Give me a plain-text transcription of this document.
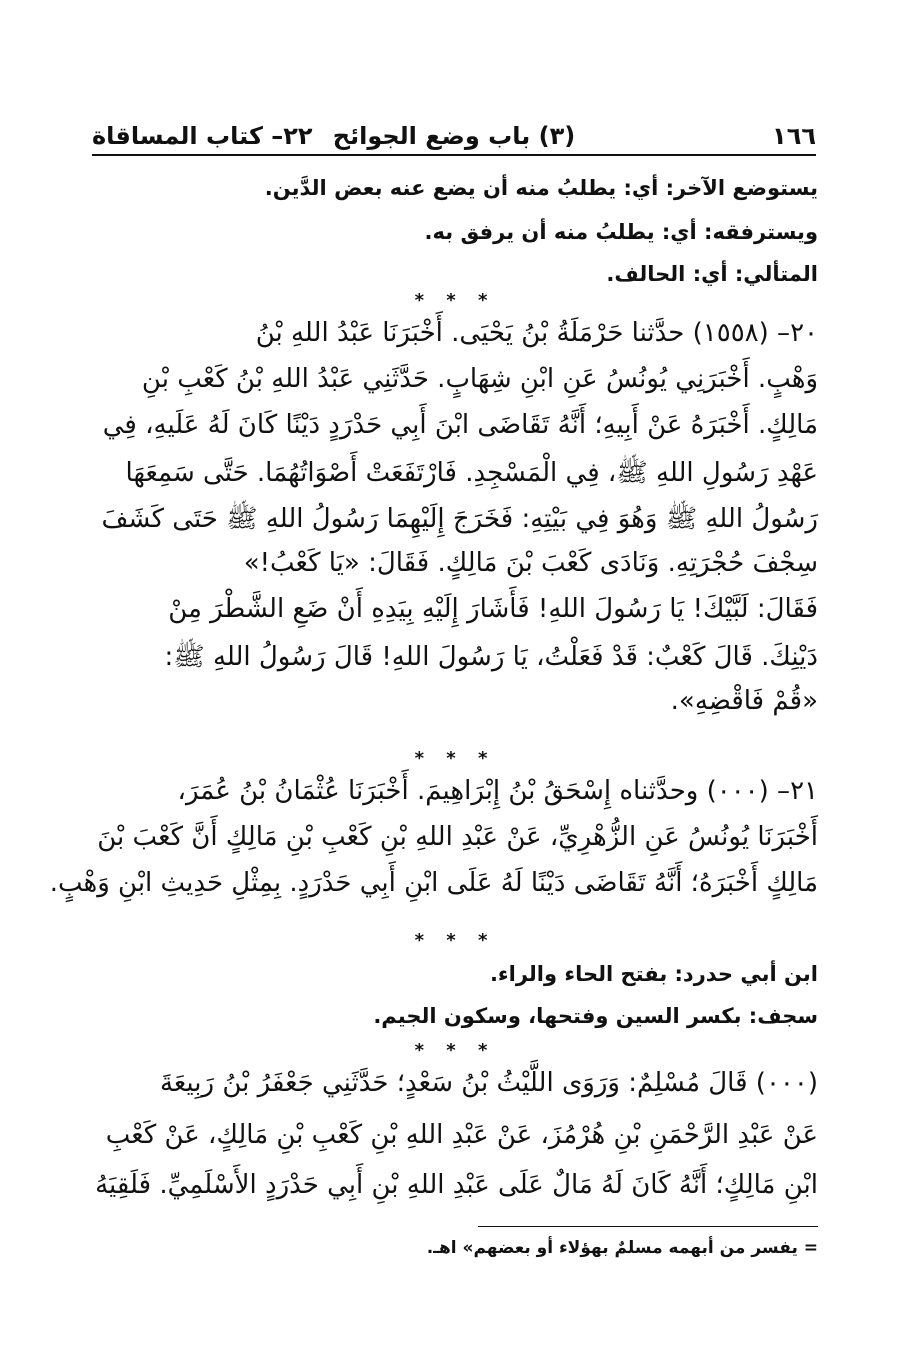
١٦٦
(٣) باب وضع الجوائح
٢٢– كتاب المساقاة
يستوضع الآخر: أي: يطلبُ منه أن يضع عنه بعض الدَّين.
ويسترفقه: أي: يطلبُ منه أن يرفق به.
المتألي: أي: الحالف.
* * *
٢٠– (١٥٥٨) حدَّثنا حَرْمَلَةُ بْنُ يَحْيَى. أَخْبَرَنَا عَبْدُ اللهِ بْنُ
وَهْبٍ. أَخْبَرَنِي يُونُسُ عَنِ ابْنِ شِهَابٍ. حَدَّثَنِي عَبْدُ اللهِ بْنُ كَعْبِ بْنِ
مَالِكٍ. أَخْبَرَهُ عَنْ أَبِيهِ؛ أَنَّهُ تَقَاضَى ابْنَ أَبِي حَدْرَدٍ دَيْنًا كَانَ لَهُ عَلَيهِ، فِي
عَهْدِ رَسُولِ اللهِ ﷺ، فِي الْمَسْجِدِ. فَارْتَفَعَتْ أَصْوَاتُهُمَا. حَتَّى سَمِعَهَا
رَسُولُ اللهِ ﷺ وَهُوَ فِي بَيْتِهِ: فَخَرَجَ إِلَيْهِمَا رَسُولُ اللهِ ﷺ حَتَى كَشَفَ
سِجْفَ حُجْرَتِهِ. وَنَادَى كَعْبَ بْنَ مَالِكٍ. فَقَالَ: «يَا كَعْبُ!»
فَقَالَ: لَبَّيْكَ! يَا رَسُولَ اللهِ! فَأَشَارَ إِلَيْهِ بِيَدِهِ أَنْ ضَعِ الشَّطْرَ مِنْ
دَيْنِكَ. قَالَ كَعْبٌ: قَدْ فَعَلْتُ، يَا رَسُولَ اللهِ! قَالَ رَسُولُ اللهِ ﷺ:
«قُمْ فَاقْضِهِ».
* * *
٢١– (٠٠٠) وحدَّثناه إِسْحَقُ بْنُ إِبْرَاهِيمَ. أَخْبَرَنَا عُثْمَانُ بْنُ عُمَرَ،
أَخْبَرَنَا يُونُسُ عَنِ الزُّهْرِيِّ، عَنْ عَبْدِ اللهِ بْنِ كَعْبِ بْنِ مَالِكٍ أَنَّ كَعْبَ بْنَ
مَالِكٍ أَخْبَرَهُ؛ أَنَّهُ تَقَاضَى دَيْنًا لَهُ عَلَى ابْنِ أَبِي حَدْرَدٍ. بِمِثْلِ حَدِيثِ ابْنِ وَهْبٍ.
* * *
ابن أبي حدرد: بفتح الحاء والراء.
سجف: بكسر السين وفتحها، وسكون الجيم.
* * *
(٠٠٠) قَالَ مُسْلِمٌ: وَرَوَى اللَّيْثُ بْنُ سَعْدٍ؛ حَدَّثَنِي جَعْفَرُ بْنُ رَبِيعَةَ
عَنْ عَبْدِ الرَّحْمَنِ بْنِ هُرْمُزَ، عَنْ عَبْدِ اللهِ بْنِ كَعْبِ بْنِ مَالِكٍ، عَنْ كَعْبِ
ابْنِ مَالِكٍ؛ أَنَّهُ كَانَ لَهُ مَالٌ عَلَى عَبْدِ اللهِ بْنِ أَبِي حَدْرَدٍ الأَسْلَمِيِّ. فَلَقِيَهُ
= يفسر من أبهمه مسلمٌ بهؤلاء أو بعضهم» اهـ.
